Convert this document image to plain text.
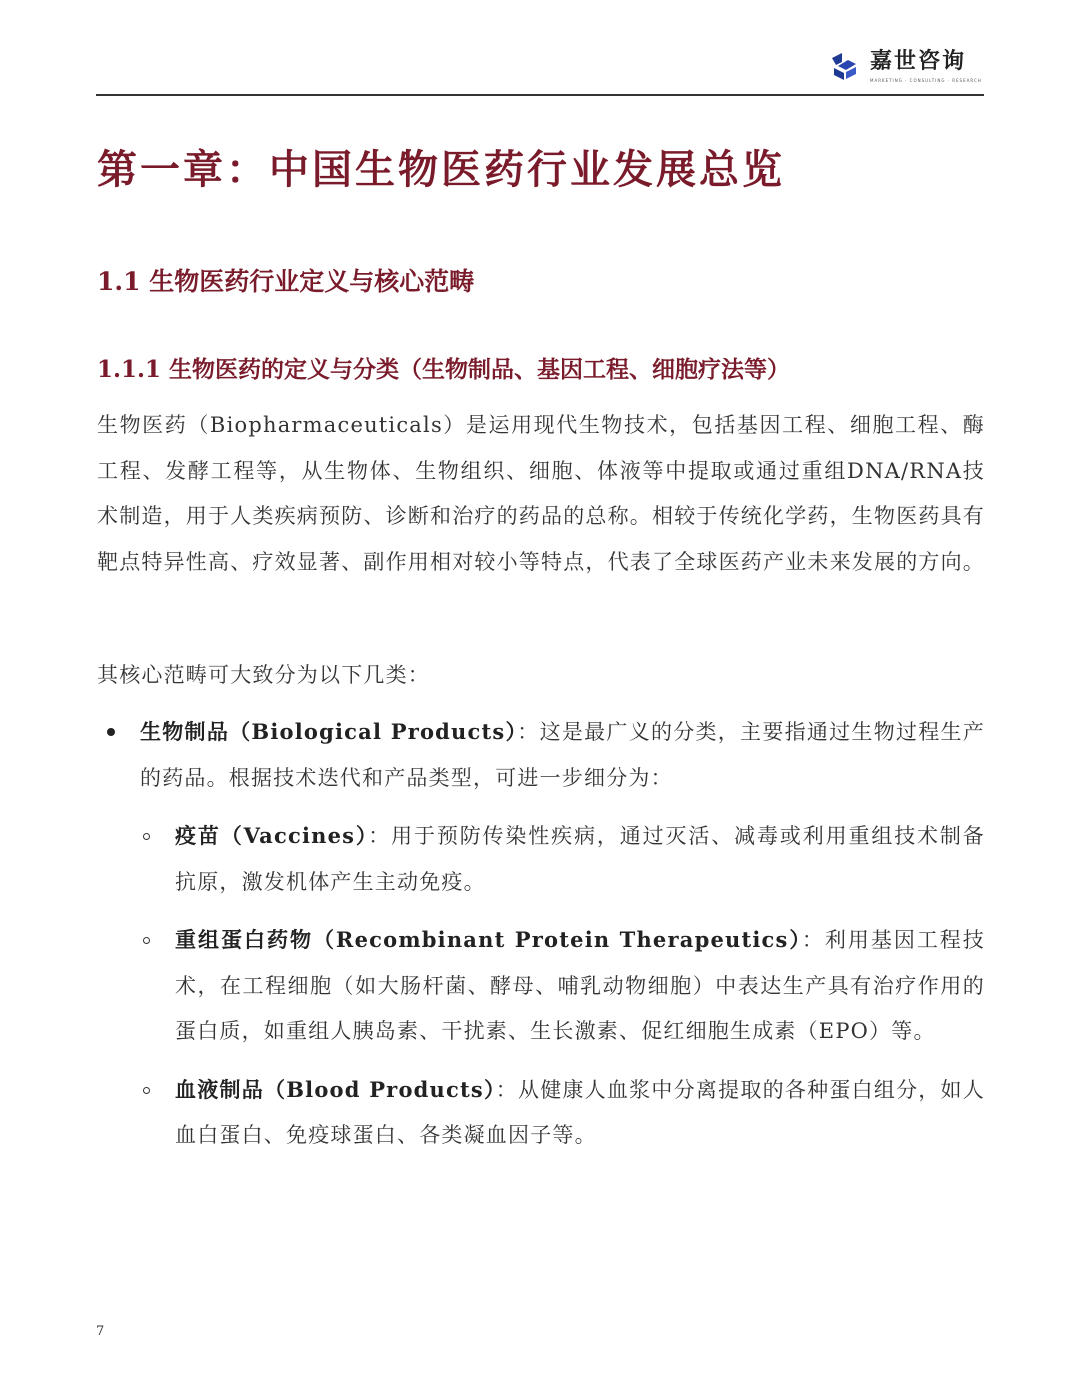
嘉世咨询
MARKETING · CONSULTING · RESEARCH
第一章：中国生物医药行业发展总览
1.1 生物医药行业定义与核心范畴
1.1.1 生物医药的定义与分类（生物制品、基因工程、细胞疗法等）

生物医药（Biopharmaceuticals）是运用现代生物技术，包括基因工程、细胞工程、酶工程、发酵工程等，从生物体、生物组织、细胞、体液等中提取或通过重组DNA/RNA技术制造，用于人类疾病预防、诊断和治疗的药品的总称。相较于传统化学药，生物医药具有靶点特异性高、疗效显著、副作用相对较小等特点，代表了全球医药产业未来发展的方向。

其核心范畴可大致分为以下几类：

生物制品（Biological Products）：这是最广义的分类，主要指通过生物过程生产的药品。根据技术迭代和产品类型，可进一步细分为：

疫苗（Vaccines）：用于预防传染性疾病，通过灭活、减毒或利用重组技术制备抗原，激发机体产生主动免疫。

重组蛋白药物（Recombinant Protein Therapeutics）：利用基因工程技术，在工程细胞（如大肠杆菌、酵母、哺乳动物细胞）中表达生产具有治疗作用的蛋白质，如重组人胰岛素、干扰素、生长激素、促红细胞生成素（EPO）等。

血液制品（Blood Products）：从健康人血浆中分离提取的各种蛋白组分，如人血白蛋白、免疫球蛋白、各类凝血因子等。

7
